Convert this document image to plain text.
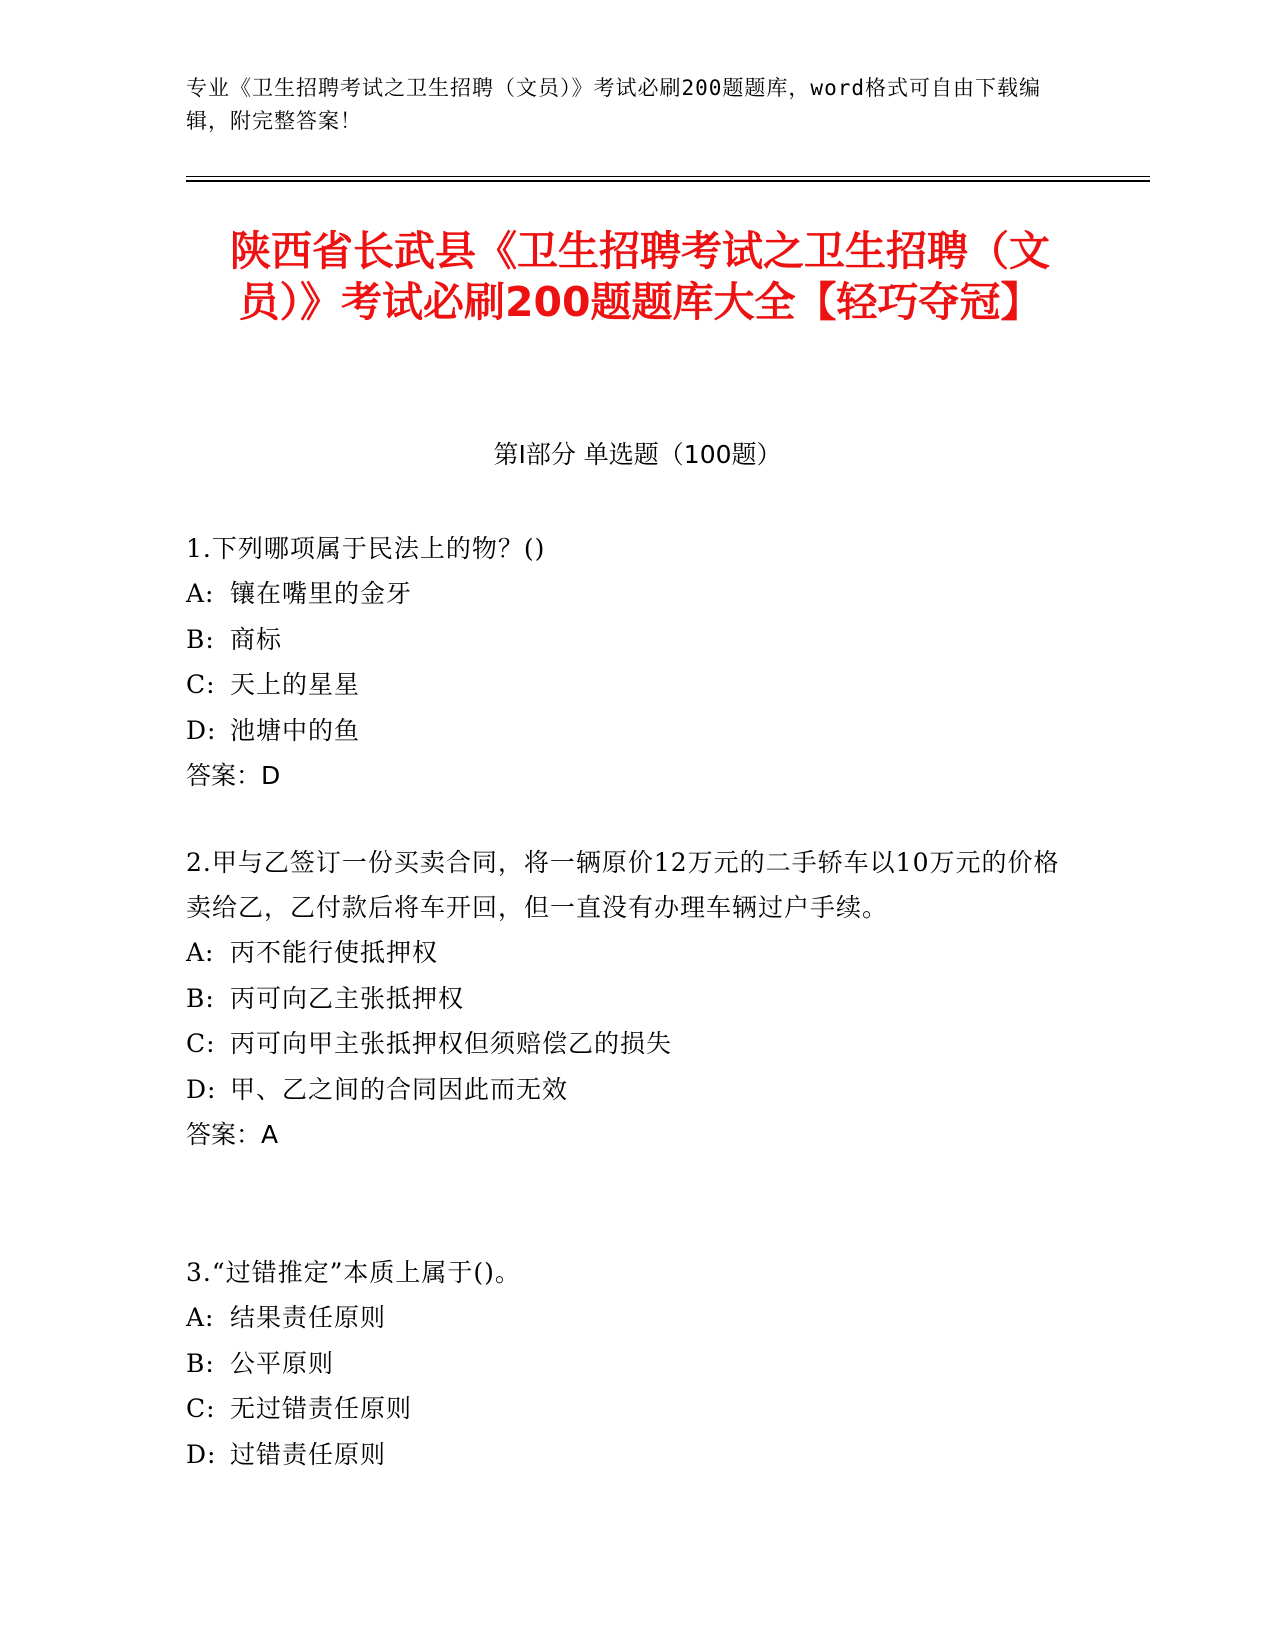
专业《卫生招聘考试之卫生招聘（文员）》考试必刷200题题库，word格式可自由下载编辑，附完整答案！
陕西省长武县《卫生招聘考试之卫生招聘（文员）》考试必刷200题题库大全【轻巧夺冠】
第I部分 单选题（100题）
1.下列哪项属于民法上的物？()
A: 镶在嘴里的金牙
B: 商标
C: 天上的星星
D: 池塘中的鱼
答案：D
2.甲与乙签订一份买卖合同，将一辆原价12万元的二手轿车以10万元的价格卖给乙，乙付款后将车开回，但一直没有办理车辆过户手续。
A: 丙不能行使抵押权
B: 丙可向乙主张抵押权
C: 丙可向甲主张抵押权但须赔偿乙的损失
D: 甲、乙之间的合同因此而无效
答案：A
3.“过错推定”本质上属于()。
A: 结果责任原则
B: 公平原则
C: 无过错责任原则
D: 过错责任原则
